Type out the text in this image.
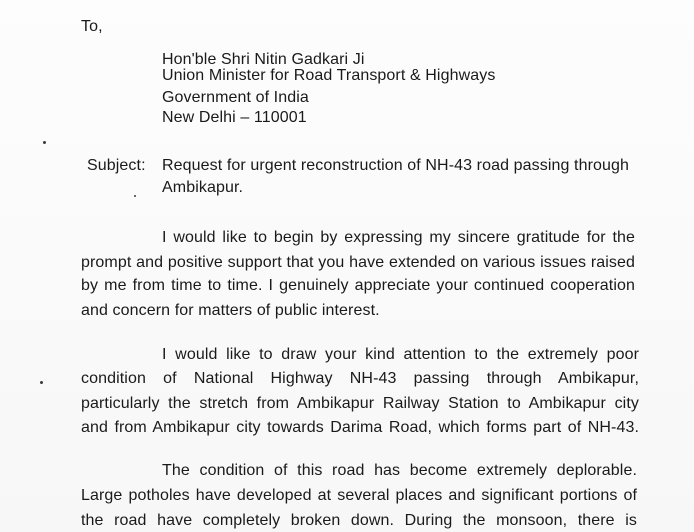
To,
Hon'ble Shri Nitin Gadkari Ji
Union Minister for Road Transport & Highways
Government of India
New Delhi – 110001
Subject: Request for urgent reconstruction of NH-43 road passing through
Ambikapur.
I would like to begin by expressing my sincere gratitude for the
prompt and positive support that you have extended on various issues raised
by me from time to time. I genuinely appreciate your continued cooperation
and concern for matters of public interest.
I would like to draw your kind attention to the extremely poor
condition of National Highway NH-43 passing through Ambikapur,
particularly the stretch from Ambikapur Railway Station to Ambikapur city
and from Ambikapur city towards Darima Road, which forms part of NH-43.
The condition of this road has become extremely deplorable.
Large potholes have developed at several places and significant portions of
the road have completely broken down. During the monsoon, there is
